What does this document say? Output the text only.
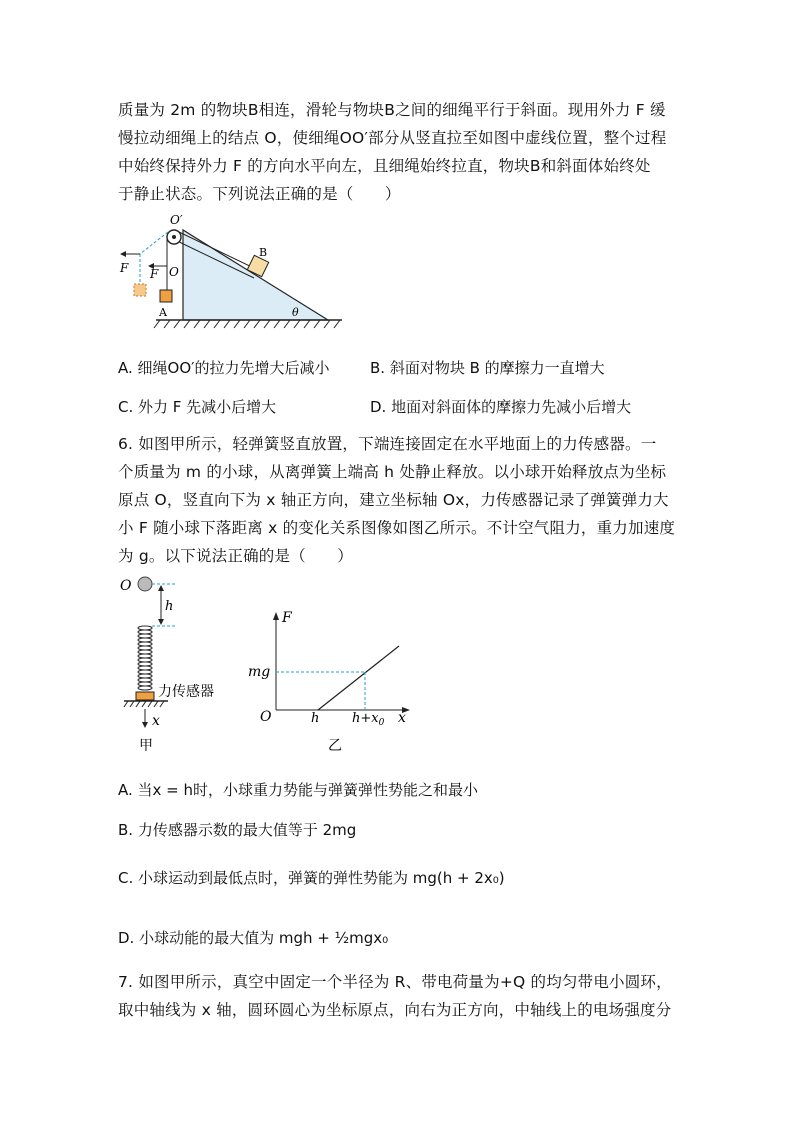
质量为 2m 的物块B相连，滑轮与物块B之间的细绳平行于斜面。现用外力 F 缓
慢拉动细绳上的结点 O，使细绳OO′部分从竖直拉至如图中虚线位置，整个过程
中始终保持外力 F 的方向水平向左，且细绳始终拉直，物块B和斜面体始终处
于静止状态。下列说法正确的是（　　）
O′
B
F F O
A	θ
A. 细绳OO′的拉力先增大后减小	B. 斜面对物块 B 的摩擦力一直增大
C. 外力 F 先减小后增大	D. 地面对斜面体的摩擦力先减小后增大
6. 如图甲所示，轻弹簧竖直放置，下端连接固定在水平地面上的力传感器。一
个质量为 m 的小球，从离弹簧上端高 h 处静止释放。以小球开始释放点为坐标
原点 O，竖直向下为 x 轴正方向，建立坐标轴 Ox，力传感器记录了弹簧弹力大
小 F 随小球下落距离 x 的变化关系图像如图乙所示。不计空气阻力，重力加速度
为 g。以下说法正确的是（　　）
O
h
力传感器
x
甲
F
mg
O	h	$h+x_0$ x
乙
A. 当x = h时，小球重力势能与弹簧弹性势能之和最小
B. 力传感器示数的最大值等于 2mg
C. 小球运动到最低点时，弹簧的弹性势能为 mg(h + 2x₀)
D. 小球动能的最大值为 mgh + ½mgx₀
7. 如图甲所示，真空中固定一个半径为 R、带电荷量为+Q 的均匀带电小圆环，
取中轴线为 x 轴，圆环圆心为坐标原点，向右为正方向，中轴线上的电场强度分
